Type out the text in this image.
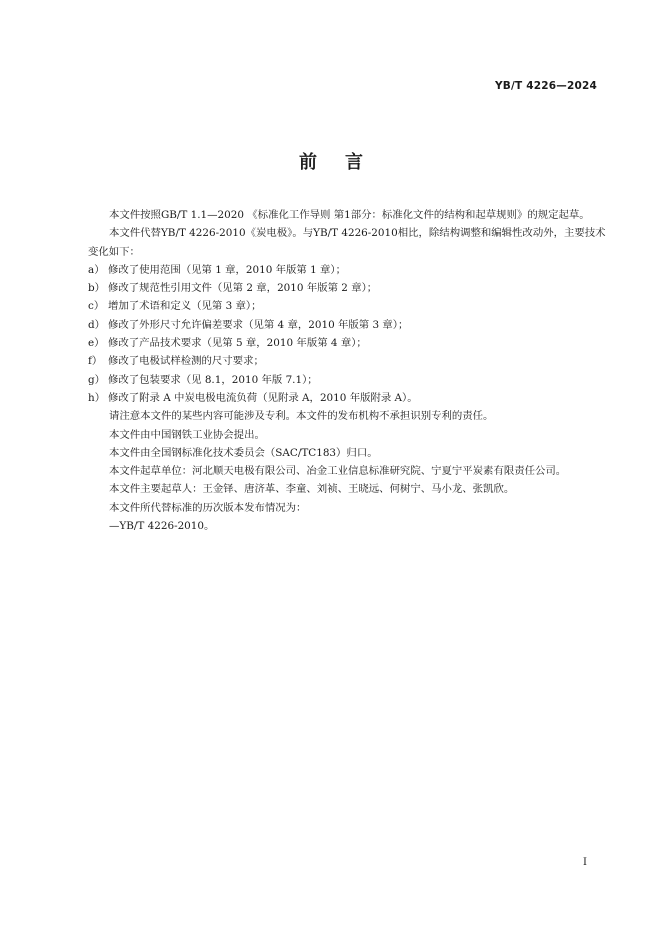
YB/T 4226—2024
前言

本文件按照GB/T 1.1—2020 《标准化工作导则 第1部分：标准化文件的结构和起草规则》的规定起草。

本文件代替YB/T 4226-2010《炭电极》。与YB/T 4226-2010相比，除结构调整和编辑性改动外，主要技术变化如下：

a） 修改了使用范围（见第 1 章，2010 年版第 1 章）；

b） 修改了规范性引用文件（见第 2 章，2010 年版第 2 章）；

c） 增加了术语和定义（见第 3 章）；

d） 修改了外形尺寸允许偏差要求（见第 4 章，2010 年版第 3 章）；

e） 修改了产品技术要求（见第 5 章，2010 年版第 4 章）；

f） 修改了电极试样检测的尺寸要求；

g） 修改了包装要求（见 8.1，2010 年版 7.1）；

h） 修改了附录 A 中炭电极电流负荷（见附录 A，2010 年版附录 A）。

请注意本文件的某些内容可能涉及专利。本文件的发布机构不承担识别专利的责任。

本文件由中国钢铁工业协会提出。

本文件由全国钢标准化技术委员会（SAC/TC183）归口。

本文件起草单位：河北顺天电极有限公司、冶金工业信息标准研究院、宁夏宁平炭素有限责任公司。

本文件主要起草人：王金铎、唐济革、李童、刘祯、王晓远、何树宁、马小龙、张凯欣。

本文件所代替标准的历次版本发布情况为：

—YB/T 4226-2010。

I
